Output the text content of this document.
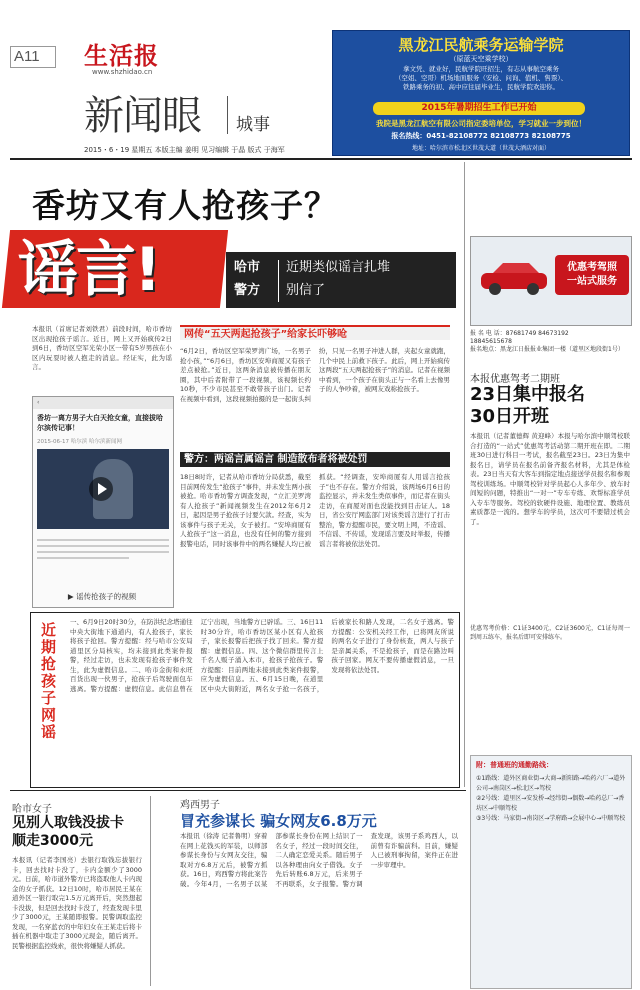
A11 生活报
www.shzhidao.cn
新闻眼 城事
2015・6・19 星期五 本版主编 姜明 见习编辑 于晶 版式 于海军
黑龙江民航乘务运输学院
（原蓝天空乘学校）
拿文凭、就业好，民航学院旺招生，有志从事航空乘务
（空姐、空哥）机场地面服务（安检、问询、值机、售票）、
铁路乘务的初、高中应往届毕业生，民航学院欢迎你。
2015年暑期招生工作已开始
我院是黑龙江航空有限公司指定委培单位，学习就业一步到位！
报名热线：0451-82108772 82108773 82108775
地址：哈尔滨市松北区世茂大道（世茂大酒店对面）
香坊又有人抢孩子？
谣言!	哈市
警方
近期类似谣言扎堆
别信了
本报讯（首席记者刘铁君）前段时间，哈市香坊区出现抢孩子谣言。近日，网上又开始疯传2日到6日，香坊区空军光荣小区一带有5岁男孩在小区内玩耍时被人抱走的消息。经证实，此为谣言。
‹
香坊一离方男子大白天抢女童，直接拔哈尔滨传记事！
2015-06-17 哈尔滨 哈尔滨新闻网
▶ 谣传抢孩子的视频
网传“五天两起抢孩子”给家长吓够呛
“6月2日，香坊区空军荣罗湾广场，一名男子抢小孩，”“6月6日，香坊区安埠商厦又有孩子差点被抢。”近日，这两条消息被传播在朋友圈，其中后者附带了一段视频，该视频长约10秒，不少市民甚至不敢带孩子出门。记者在视频中看到，这段视频拍摄的是一起街头纠纷，只见一名男子冲进人群，夹起女童就跑，几个中民上前救下孩子。此后，网上开始疯传这两段“五天两起抢孩子”的消息。记者在视频中看到，一个孩子在街头正与一名看上去像男子的人争吵着，被网友戏称抢孩子。
警方：两谣言属谣言 制造散布者将被处罚
18日8时许，记者从哈市香坊分局获悉，截至目前网传发生“抢孩子”事件，并未发生两小孩被抢。哈市香坊警方调查发现，“立汇美罗湾有人抢孩子”新闻视频发生在2012年6月2日，起因是男子抢孩子讨要欠款。经查，实为该事件与孩子无关，女子被打。“安埠商厦有人抢孩子”这一消息，也没有任何的警方接到报警电话，同时该事件中的两名嫌疑人均已被抓获。“经调查，安埠商厦有人用谣言抢孩子”也不存在。警方介绍说，该两场6月6日的监控显示，并未发生类似事件，而记者在街头走访，在商厦对面也没能找到目击证人。18日，省公安厅网监部门对该类谣言进行了打击整治，警方提醒市民，要文明上网，不造谣、不信谣、不传谣，发现谣言要及时举报，传播谣言者将被依法处罚。
近期抢孩子网谣 一、6月9日20时30分，在防洪纪念塔通往中央大街地下通道内，有人抢孩子，家长将孩子抢回。警方提醒：经与哈市公安局道里区分局核实，均未接到此类案件报警，经过走访，也未发现有抢孩子事件发生，此为虚假信息。二、哈市金街和永旺百货出现一伙男子，抢孩子后驾驶面包车逃离。警方提醒：虚假信息。此信息曾在辽宁出现，当地警方已辟谣。三、16日11时30分许，哈市香坊区某小区有人抢孩子，家长报警后把孩子找了回来。警方提醒：虚假信息。四、这个微信群里传言上千名人贩子涌入本市，抢孩子抢孩子。警方提醒：目前两地未接到此类案件报警，应为虚假信息。五、6月15日晚，在道里区中央大街附近，两名女子抢一名孩子，后被家长和路人发现，二名女子逃离。警方提醒：公安机关经工作，已将网友所说的两名女子进行了身份核查，两人与孩子是亲属关系，不是抢孩子，而是在路边叫孩子回家。网友不要传播虚假消息，一旦发现将依法处罚。
优惠考驾照
一站式服务
报 名 电 话：87681749 84673192
18845615678
报名地点：黑龙江日报报业集团一楼（道里区地段街1号）
本报优惠驾考二期班
23日集中报名
30日开班
本报讯（记者董德辉 黄迎峰）本报与哈尔滨中顺驾校联合打造的“一站式”优惠驾考活动第二期开班在即。二期班30日进行科目一考试，报名截至23日。23日为集中报名日，请学员在报名前备齐报名材料，尤其是体检表。23日当天有大客车到指定地点接送学员报名和参观驾校训练场。中顺驾校针对学员起心人多年少、放车时间短的问题，特推出“一对一”专车专练、欢帮标准学员入专车等服务。驾校的软硬件设施、地理位置、教练员素质都是一流的。想学车的学员，这次可不要错过机会了。
优惠驾考价格：C1证3400元，C2证3600元，C1证每周一到周五练车，报名后即可安排练车。
附：普通班的通勤路线：
①1路线：道外区商业街→大商→新阳路→哈药六厂→道外公司→南岗区→松北区→驾校
②2号线：道里区→安发桥→经纬街→偶数→哈药总厂→香坊区→中顺驾校
③3号线：马家街→南岗区→学府路→会展中心→中顺驾校
哈市女子
见别人取钱没拔卡
顺走3000元
本报讯（记者李国亮）去银行取钱忘拔银行卡，回去找时卡没了，卡内金额少了3000元。日前，哈市道外警方已将盗取他人卡内现金的女子抓获。12日10时，哈市居民王某在道外区一银行取完1.5万元离开后，突然想起卡没拔，但是回去找时卡没了，经查发现卡里少了3000元，王某随即报警。民警调取监控发现，一名穿蓝衣的中年妇女在王某走后将卡插在机器中取走了3000元现金，随后离开。民警根据监控线索，很快将嫌疑人抓获。
鸡西男子
冒充参谋长 骗女网友6.8万元
本报讯（徐涛 记者鲁明）穿着在网上花钱买的军装，以师部参谋长身份与女网友交往，骗取对方6.8万元后，被警方抓获。16日，鸡西警方将此案告破。今年4月，一名男子以某部参谋长身份在网上结识了一名女子，经过一段时间交往，二人确定恋爱关系。随后男子以各种理由向女子借钱。女子先后转账6.8万元，后来男子不再联系，女子报警。警方调查发现，该男子系鸡西人，以前曾有诈骗前科。目前，嫌疑人已被刑事拘留，案件正在进一步审理中。
